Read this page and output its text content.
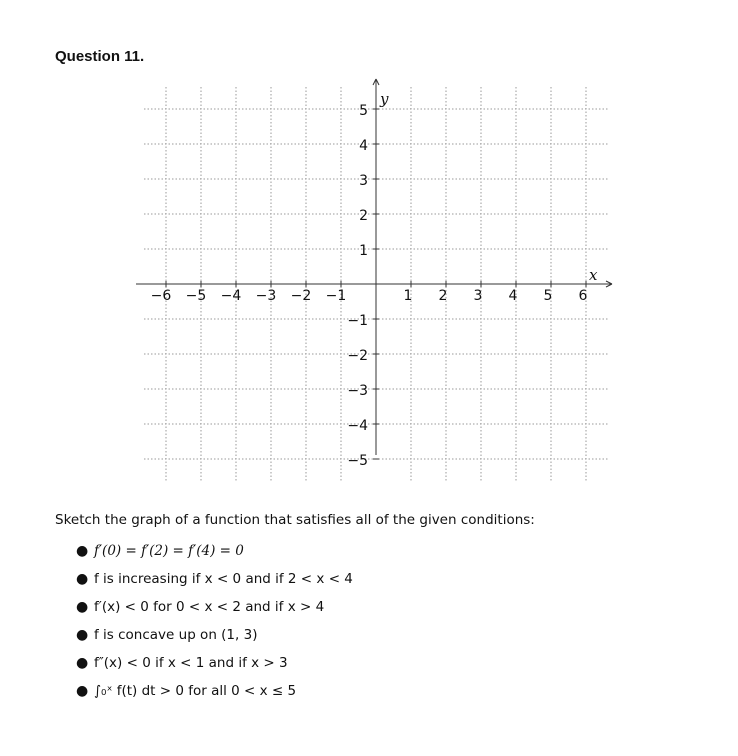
Question 11.
−6 −5 −4 −3 −2 −1	1 2 3 4 5 6
5
4
3
2
1
−1
−2
−3
−4
−5
x
y
Sketch the graph of a function that satisfies all of the given conditions:
● f′(0) = f′(2) = f′(4) = 0
● f is increasing if x < 0 and if 2 < x < 4
● f′(x) < 0 for 0 < x < 2 and if x > 4
● f is concave up on (1, 3)
● f″(x) < 0 if x < 1 and if x > 3
● ∫₀ˣ f(t) dt > 0 for all 0 < x ≤ 5
